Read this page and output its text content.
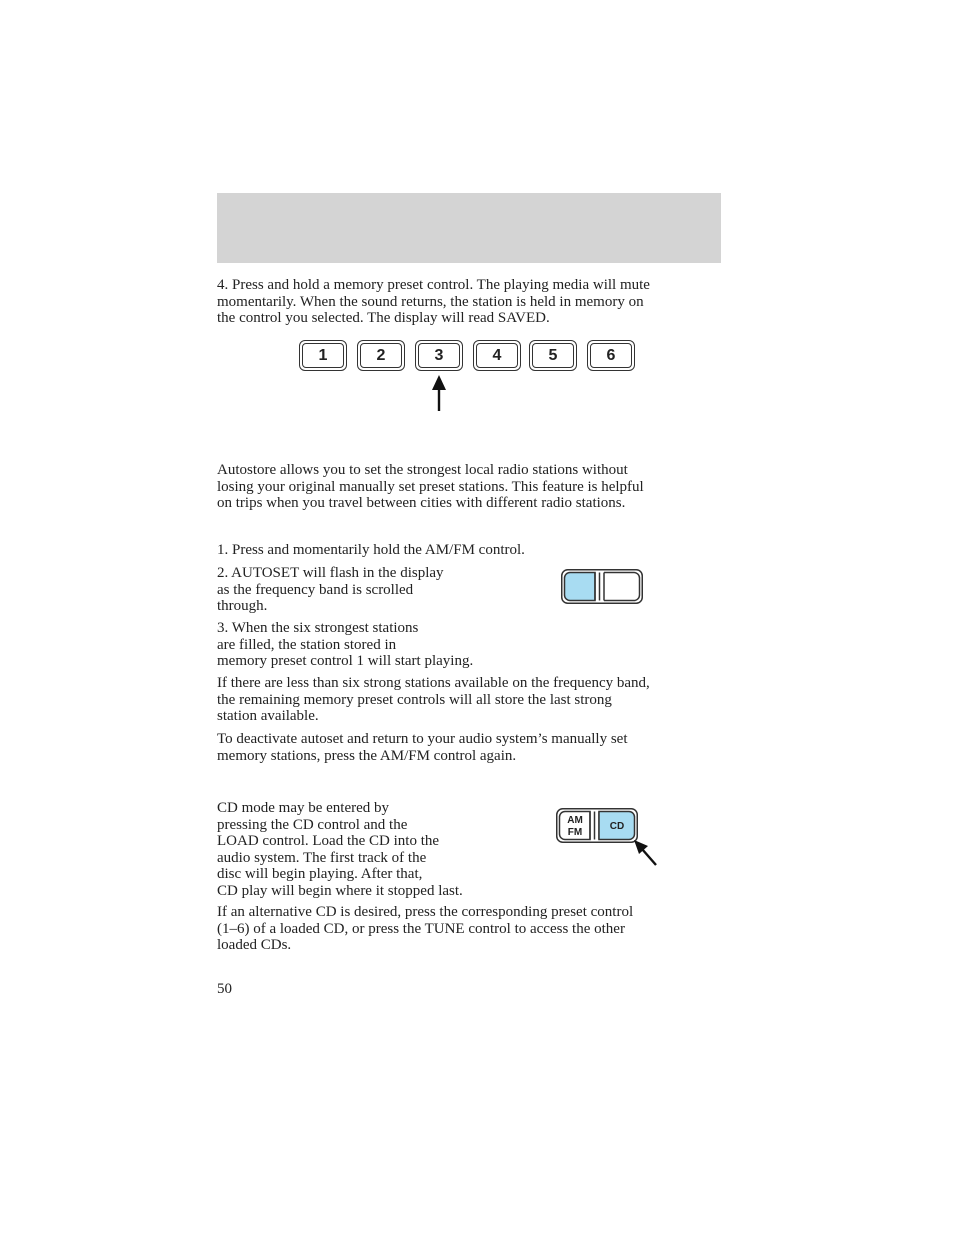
4. Press and hold a memory preset control. The playing media will mute
momentarily. When the sound returns, the station is held in memory on
the control you selected. The display will read SAVED.

1	2	3	4	5	6

Autostore allows you to set the strongest local radio stations without
losing your original manually set preset stations. This feature is helpful
on trips when you travel between cities with different radio stations.

1. Press and momentarily hold the AM/FM control.

2. AUTOSET will flash in the display
as the frequency band is scrolled
through.

3. When the six strongest stations
are filled, the station stored in
memory preset control 1 will start playing.

If there are less than six strong stations available on the frequency band,
the remaining memory preset controls will all store the last strong
station available.

To deactivate autoset and return to your audio system’s manually set
memory stations, press the AM/FM control again.

CD mode may be entered by
pressing the CD control and the
LOAD control. Load the CD into the
audio system. The first track of the
disc will begin playing. After that,
CD play will begin where it stopped last.

AM
FM
CD

If an alternative CD is desired, press the corresponding preset control
(1–6) of a loaded CD, or press the TUNE control to access the other
loaded CDs.

50
